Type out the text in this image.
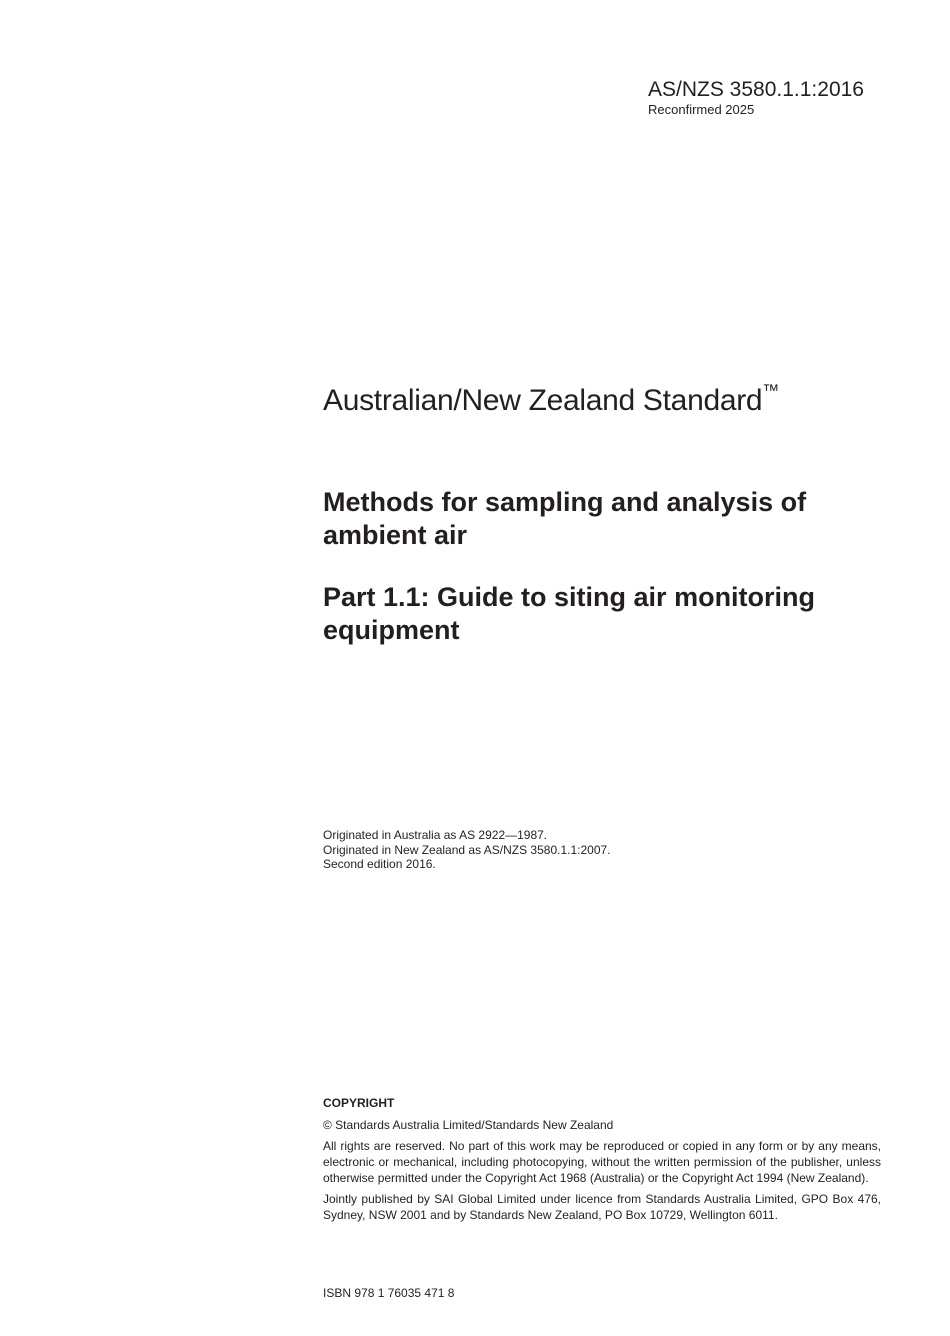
AS/NZS 3580.1.1:2016
Reconfirmed 2025
Australian/New Zealand Standard™
Methods for sampling and analysis of ambient air
Part 1.1: Guide to siting air monitoring equipment
Originated in Australia as AS 2922—1987.
Originated in New Zealand as AS/NZS 3580.1.1:2007.
Second edition 2016.
COPYRIGHT

© Standards Australia Limited/Standards New Zealand

All rights are reserved. No part of this work may be reproduced or copied in any form or by any means, electronic or mechanical, including photocopying, without the written permission of the publisher, unless otherwise permitted under the Copyright Act 1968 (Australia) or the Copyright Act 1994 (New Zealand).

Jointly published by SAI Global Limited under licence from Standards Australia Limited, GPO Box 476, Sydney, NSW 2001 and by Standards New Zealand, PO Box 10729, Wellington 6011.

ISBN 978 1 76035 471 8
